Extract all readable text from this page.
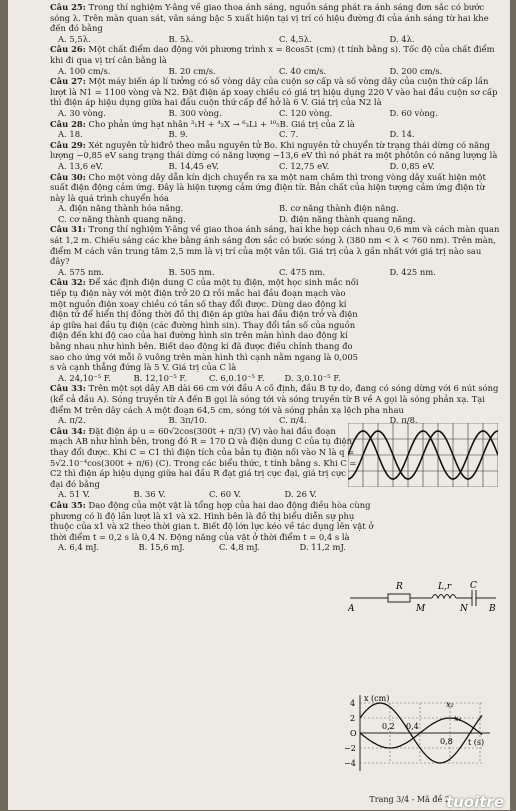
Câu 25: Trong thí nghiệm Y-âng về giao thoa ánh sáng, nguồn sáng phát ra ánh sáng đơn sắc có bước sóng λ. Trên màn quan sát, vân sáng bậc 5 xuất hiện tại vị trí có hiệu đường đi của ánh sáng từ hai khe đến đó bằng

A. 5,5λ.	B. 5λ.	C. 4,5λ.	D. 4λ.

Câu 26: Một chất điểm dao động với phương trình x = 8cos5t (cm) (t tính bằng s). Tốc độ của chất điểm khi đi qua vị trí cân bằng là

A. 100 cm/s.	B. 20 cm/s.	C. 40 cm/s.	D. 200 cm/s.

Câu 27: Một máy biến áp lí tưởng có số vòng dây của cuộn sơ cấp và số vòng dây của cuộn thứ cấp lần lượt là N1 = 1100 vòng và N2. Đặt điện áp xoay chiều có giá trị hiệu dụng 220 V vào hai đầu cuộn sơ cấp thì điện áp hiệu dụng giữa hai đầu cuộn thứ cấp để hở là 6 V. Giá trị của N2 là

A. 30 vòng.	B. 300 vòng.	C. 120 vòng.	D. 60 vòng.

Câu 28: Cho phản ứng hạt nhân ³₁H + ⁴₂X → ⁶₃Li + ¹⁰₅B. Giá trị của Z là

A. 18.	B. 9.	C. 7.	D. 14.

Câu 29: Xét nguyên tử hiđrô theo mẫu nguyên tử Bo. Khi nguyên tử chuyển từ trạng thái dừng có năng lượng −0,85 eV sang trạng thái dừng có năng lượng −13,6 eV thì nó phát ra một phôtôn có năng lượng là

A. 13,6 eV.	B. 14,45 eV.	C. 12,75 eV.	D. 0,85 eV.

Câu 30: Cho một vòng dây dẫn kín dịch chuyển ra xa một nam châm thì trong vòng dây xuất hiện một suất điện động cảm ứng. Đây là hiện tượng cảm ứng điện từ. Bản chất của hiện tượng cảm ứng điện từ này là quá trình chuyển hóa

A. điện năng thành hóa năng.	B. cơ năng thành điện năng.
C. cơ năng thành quang năng.	D. điện năng thành quang năng.

Câu 31: Trong thí nghiệm Y-âng về giao thoa ánh sáng, hai khe hẹp cách nhau 0,6 mm và cách màn quan sát 1,2 m. Chiếu sáng các khe bằng ánh sáng đơn sắc có bước sóng λ (380 nm < λ < 760 nm). Trên màn, điểm M cách vân trung tâm 2,5 mm là vị trí của một vân tối. Giá trị của λ gần nhất với giá trị nào sau đây?

A. 575 nm.	B. 505 nm.	C. 475 nm.	D. 425 nm.

Câu 32: Để xác định điện dung C của một tụ điện, một học sinh mắc nối tiếp tụ điện này với một điện trở 20 Ω rồi mắc hai đầu đoạn mạch vào một nguồn điện xoay chiều có tần số thay đổi được. Dùng dao động kí điện tử để hiển thị đồng thời đồ thị điện áp giữa hai đầu điện trở và điện áp giữa hai đầu tụ điện (các đường hình sin). Thay đổi tần số của nguồn điện đến khi độ cao của hai đường hình sin trên màn hình dao động kí bằng nhau như hình bên. Biết dao động kí đã được điều chỉnh thang đo sao cho ứng với mỗi ô vuông trên màn hình thì cạnh nằm ngang là 0,005 s và cạnh thẳng đứng là 5 V. Giá trị của C là

A. 24,10⁻⁵ F.	B. 12,10⁻⁵ F.	C. 6,0.10⁻⁵ F.	D. 3,0.10⁻⁵ F.

Câu 33: Trên một sợi dây AB dài 66 cm với đầu A cố định, đầu B tự do, đang có sóng dừng với 6 nút sóng (kể cả đầu A). Sóng truyền từ A đến B gọi là sóng tới và sóng truyền từ B về A gọi là sóng phản xạ. Tại điểm M trên dây cách A một đoạn 64,5 cm, sóng tới và sóng phản xạ lệch pha nhau

A. π/2.	B. 3π/10.	C. π/4.	D. π/8.

Câu 34: Đặt điện áp u = 60√2cos(300t + π/3) (V) vào hai đầu đoạn mạch AB như hình bên, trong đó R = 170 Ω và điện dung C của tụ điện thay đổi được. Khi C = C1 thì điện tích của bản tụ điện nối vào N là q = 5√2.10⁻⁴cos(300t + π/6) (C). Trong các biểu thức, t tính bằng s. Khi C = C2 thì điện áp hiệu dụng giữa hai đầu R đạt giá trị cực đại, giá trị cực đại đó bằng

A. 51 V.	B. 36 V.	C. 60 V.	D. 26 V.

Câu 35: Dao động của một vật là tổng hợp của hai dao động điều hòa cùng phương có li độ lần lượt là x1 và x2. Hình bên là đồ thị biểu diễn sự phụ thuộc của x1 và x2 theo thời gian t. Biết độ lớn lực kéo về tác dụng lên vật ở thời điểm t = 0,2 s là 0,4 N. Động năng của vật ở thời điểm t = 0,4 s là

A. 6,4 mJ.	B. 15,6 mJ.	C. 4,8 mJ.	D. 11,2 mJ.
R	L,r C
A	M	N B
x (cm)
t (s)
4
2
O
−2
−4
x₁
x₂
0,2 0,4
0,8
Trang 3/4 - Mã đề 2
tuoitre
